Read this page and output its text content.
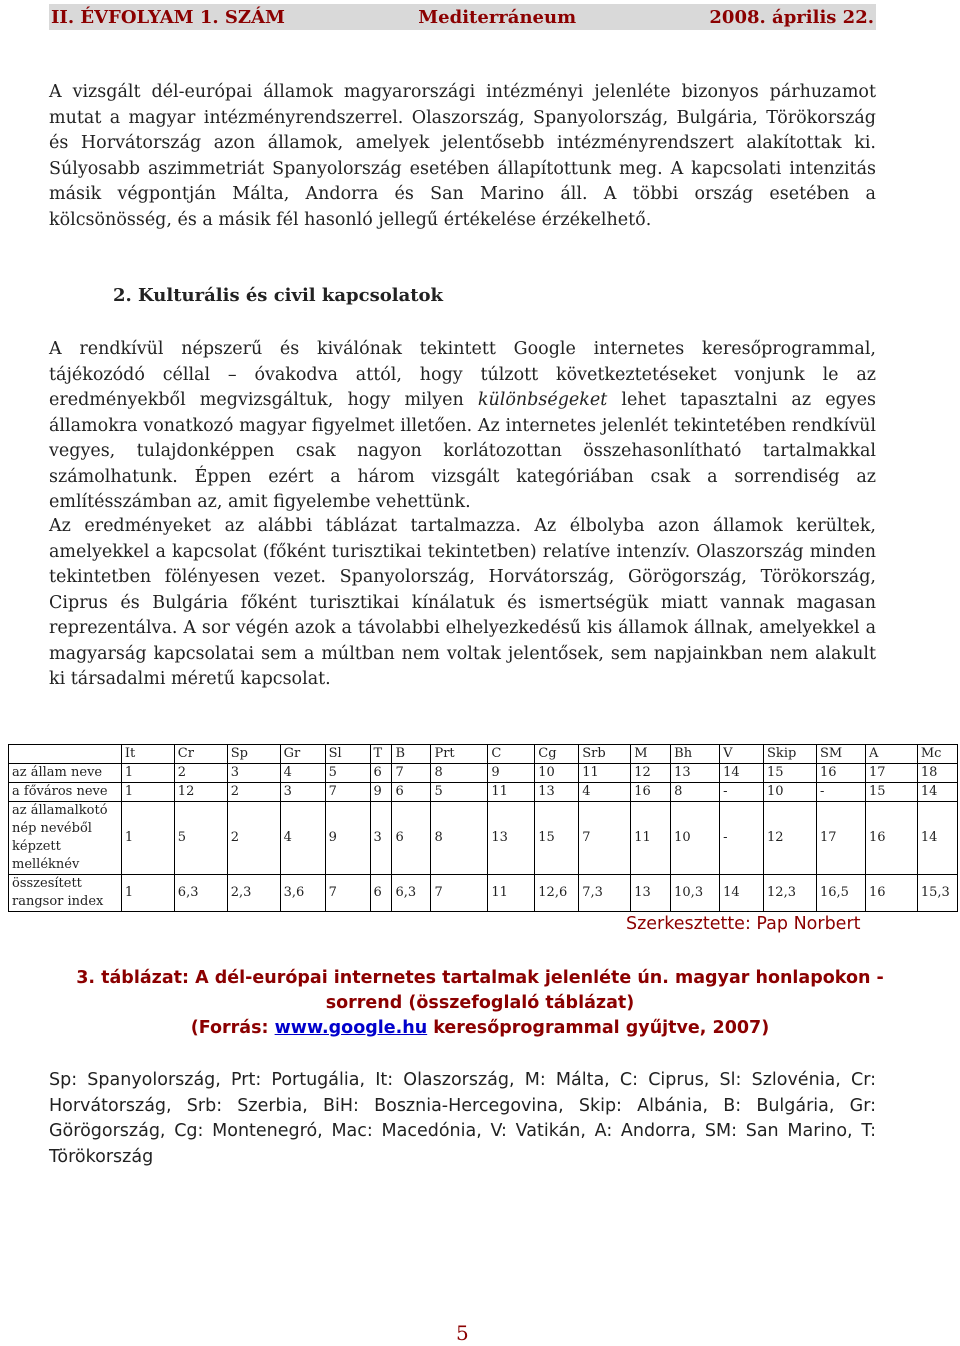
II. ÉVFOLYAM 1. SZÁM	Mediterráneum	2008. április 22.

A vizsgált dél-európai államok magyarországi intézményi jelenléte bizonyos párhuzamot mutat a magyar intézményrendszerrel. Olaszország, Spanyolország, Bulgária, Törökország és Horvátország azon államok, amelyek jelentősebb intézményrendszert alakítottak ki. Súlyosabb aszimmetriát Spanyolország esetében állapítottunk meg. A kapcsolati intenzitás másik végpontján Málta, Andorra és San Marino áll. A többi ország esetében a kölcsönösség, és a másik fél hasonló jellegű értékelése érzékelhető.

2. Kulturális és civil kapcsolatok

A rendkívül népszerű és kiválónak tekintett Google internetes keresőprogrammal, tájékozódó céllal – óvakodva attól, hogy túlzott következtetéseket vonjunk le az eredményekből megvizsgáltuk, hogy milyen különbségeket lehet tapasztalni az egyes államokra vonatkozó magyar figyelmet illetően. Az internetes jelenlét tekintetében rendkívül vegyes, tulajdonképpen csak nagyon korlátozottan összehasonlítható tartalmakkal számolhatunk. Éppen ezért a három vizsgált kategóriában csak a sorrendiség az említésszámban az, amit figyelembe vehettünk.

Az eredményeket az alábbi táblázat tartalmazza. Az élbolyba azon államok kerültek, amelyekkel a kapcsolat (főként turisztikai tekintetben) relatíve intenzív. Olaszország minden tekintetben fölényesen vezet. Spanyolország, Horvátország, Görögország, Törökország, Ciprus és Bulgária főként turisztikai kínálatuk és ismertségük miatt vannak magasan reprezentálva. A sor végén azok a távolabbi elhelyezkedésű kis államok állnak, amelyekkel a magyarság kapcsolatai sem a múltban nem voltak jelentősek, sem napjainkban nem alakult ki társadalmi méretű kapcsolat.

	It	Cr	Sp	Gr	Sl	T	B	Prt	C	Cg	Srb	M	Bh	V	Skip	SM	A	Mc
az állam neve	1	2	3	4	5	6	7	8	9	10	11	12	13	14	15	16	17	18
a főváros neve	1	12	2	3	7	9	6	5	11	13	4	16	8	-	10	-	15	14
az államalkotó nép nevéből képzett melléknév	1	5	2	4	9	3	6	8	13	15	7	11	10	-	12	17	16	14
összesített rangsor index	1	6,3	2,3	3,6	7	6	6,3	7	11	12,6	7,3	13	10,3	14	12,3	16,5	16	15,3

Szerkesztette: Pap Norbert

3. táblázat: A dél-európai internetes tartalmak jelenléte ún. magyar honlapokon - sorrend (összefoglaló táblázat)
(Forrás: www.google.hu keresőprogrammal gyűjtve, 2007)

Sp: Spanyolország, Prt: Portugália, It: Olaszország, M: Málta, C: Ciprus, Sl: Szlovénia, Cr: Horvátország, Srb: Szerbia, BiH: Bosznia-Hercegovina, Skip: Albánia, B: Bulgária, Gr: Görögország, Cg: Montenegró, Mac: Macedónia, V: Vatikán, A: Andorra, SM: San Marino, T: Törökország

5
